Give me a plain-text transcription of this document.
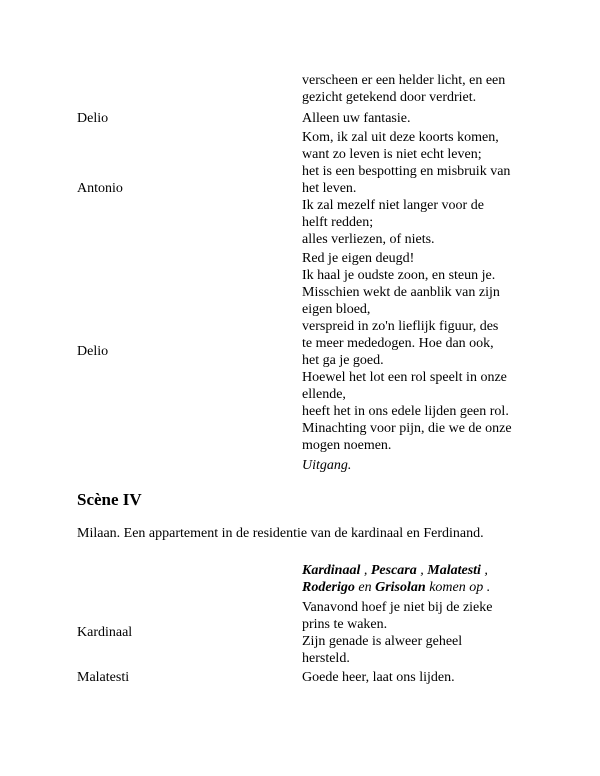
verscheen er een helder licht, en een
gezicht getekend door verdriet.
Delio	Alleen uw fantasie.
Antonio
Kom, ik zal uit deze koorts komen,
want zo leven is niet echt leven;
het is een bespotting en misbruik van
het leven.
Ik zal mezelf niet langer voor de
helft redden;
alles verliezen, of niets.
Delio
Red je eigen deugd!
Ik haal je oudste zoon, en steun je.
Misschien wekt de aanblik van zijn
eigen bloed,
verspreid in zo'n lieflijk figuur, des
te meer mededogen. Hoe dan ook,
het ga je goed.
Hoewel het lot een rol speelt in onze
ellende,
heeft het in ons edele lijden geen rol.
Minachting voor pijn, die we de onze
mogen noemen.
Uitgang.
Scène IV
Milaan. Een appartement in de residentie van de kardinaal en Ferdinand.
Kardinaal , Pescara , Malatesti ,
Roderigo en Grisolan komen op .
Kardinaal
Vanavond hoef je niet bij de zieke
prins te waken.
Zijn genade is alweer geheel
hersteld.
Malatesti	Goede heer, laat ons lijden.
